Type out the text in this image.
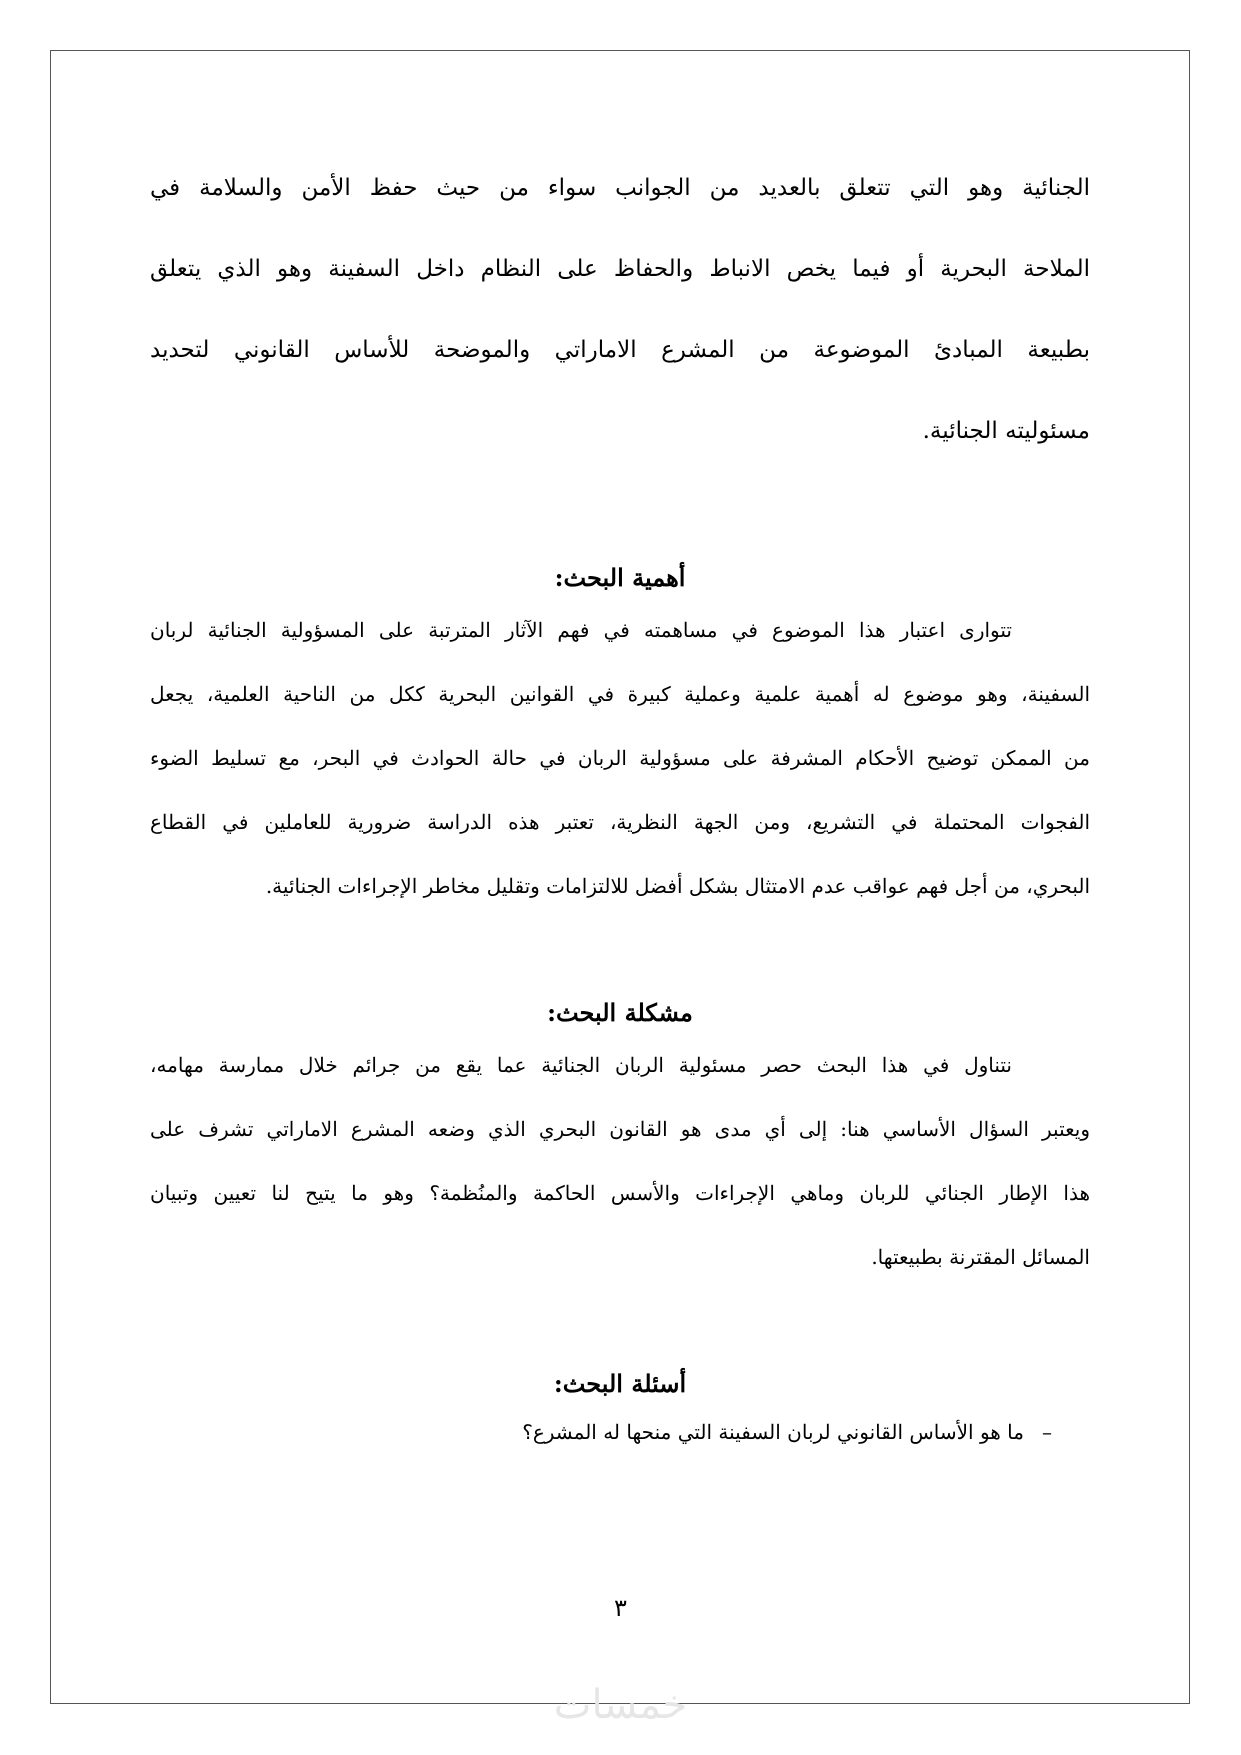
الجنائية وهو التي تتعلق بالعديد من الجوانب سواء من حيث حفظ الأمن والسلامة في
الملاحة البحرية أو فيما يخص الانباط والحفاظ على النظام داخل السفينة وهو الذي يتعلق
بطبيعة المبادئ الموضوعة من المشرع الاماراتي والموضحة للأساس القانوني لتحديد
مسئوليته الجنائية.
أهمية البحث:
تتوارى اعتبار هذا الموضوع في مساهمته في فهم الآثار المترتبة على المسؤولية الجنائية لربان
السفينة، وهو موضوع له أهمية علمية وعملية كبيرة في القوانين البحرية ككل من الناحية العلمية، يجعل
من الممكن توضيح الأحكام المشرفة على مسؤولية الربان في حالة الحوادث في البحر، مع تسليط الضوء
الفجوات المحتملة في التشريع، ومن الجهة النظرية، تعتبر هذه الدراسة ضرورية للعاملين في القطاع
البحري، من أجل فهم عواقب عدم الامتثال بشكل أفضل للالتزامات وتقليل مخاطر الإجراءات الجنائية.
مشكلة البحث:
نتناول في هذا البحث حصر مسئولية الربان الجنائية عما يقع من جرائم خلال ممارسة مهامه،
ويعتبر السؤال الأساسي هنا: إلى أي مدى هو القانون البحري الذي وضعه المشرع الاماراتي تشرف على
هذا الإطار الجنائي للربان وماهي الإجراءات والأسس الحاكمة والمنُظمة؟ وهو ما يتيح لنا تعيين وتبيان
المسائل المقترنة بطبيعتها.
أسئلة البحث:
–ما هو الأساس القانوني لربان السفينة التي منحها له المشرع؟
٣
خمسات
